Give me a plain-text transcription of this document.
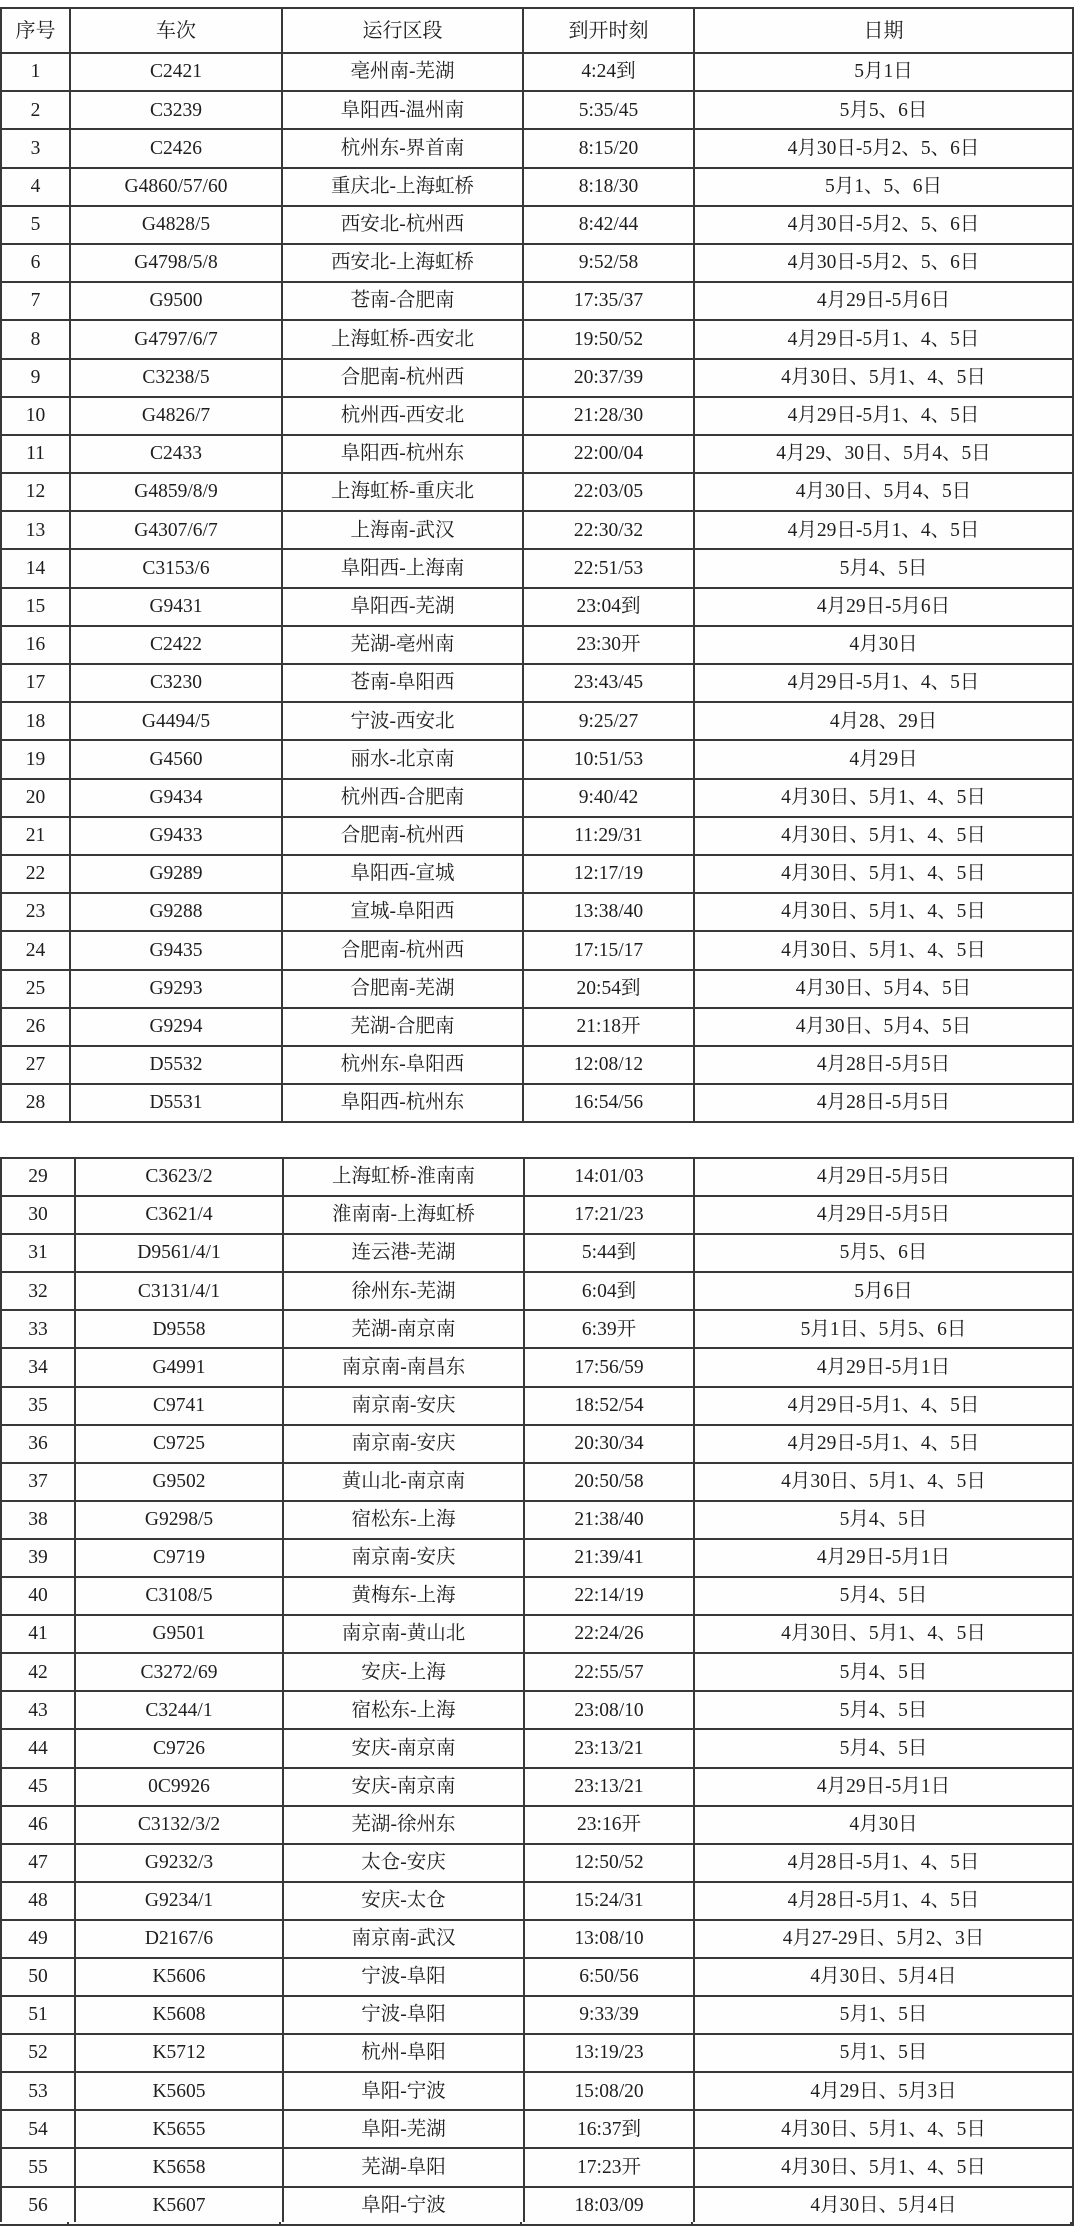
序号	车次	运行区段	到开时刻	日期
1	C2421	亳州南-芜湖	4:24到	5月1日
2	C3239	阜阳西-温州南	5:35/45	5月5、6日
3	C2426	杭州东-界首南	8:15/20	4月30日-5月2、5、6日
4	G4860/57/60	重庆北-上海虹桥	8:18/30	5月1、5、6日
5	G4828/5	西安北-杭州西	8:42/44	4月30日-5月2、5、6日
6	G4798/5/8	西安北-上海虹桥	9:52/58	4月30日-5月2、5、6日
7	G9500	苍南-合肥南	17:35/37	4月29日-5月6日
8	G4797/6/7	上海虹桥-西安北	19:50/52	4月29日-5月1、4、5日
9	C3238/5	合肥南-杭州西	20:37/39	4月30日、5月1、4、5日
10	G4826/7	杭州西-西安北	21:28/30	4月29日-5月1、4、5日
11	C2433	阜阳西-杭州东	22:00/04	4月29、30日、5月4、5日
12	G4859/8/9	上海虹桥-重庆北	22:03/05	4月30日、5月4、5日
13	G4307/6/7	上海南-武汉	22:30/32	4月29日-5月1、4、5日
14	C3153/6	阜阳西-上海南	22:51/53	5月4、5日
15	G9431	阜阳西-芜湖	23:04到	4月29日-5月6日
16	C2422	芜湖-亳州南	23:30开	4月30日
17	C3230	苍南-阜阳西	23:43/45	4月29日-5月1、4、5日
18	G4494/5	宁波-西安北	9:25/27	4月28、29日
19	G4560	丽水-北京南	10:51/53	4月29日
20	G9434	杭州西-合肥南	9:40/42	4月30日、5月1、4、5日
21	G9433	合肥南-杭州西	11:29/31	4月30日、5月1、4、5日
22	G9289	阜阳西-宣城	12:17/19	4月30日、5月1、4、5日
23	G9288	宣城-阜阳西	13:38/40	4月30日、5月1、4、5日
24	G9435	合肥南-杭州西	17:15/17	4月30日、5月1、4、5日
25	G9293	合肥南-芜湖	20:54到	4月30日、5月4、5日
26	G9294	芜湖-合肥南	21:18开	4月30日、5月4、5日
27	D5532	杭州东-阜阳西	12:08/12	4月28日-5月5日
28	D5531	阜阳西-杭州东	16:54/56	4月28日-5月5日
29	C3623/2	上海虹桥-淮南南	14:01/03	4月29日-5月5日
30	C3621/4	淮南南-上海虹桥	17:21/23	4月29日-5月5日
31	D9561/4/1	连云港-芜湖	5:44到	5月5、6日
32	C3131/4/1	徐州东-芜湖	6:04到	5月6日
33	D9558	芜湖-南京南	6:39开	5月1日、5月5、6日
34	G4991	南京南-南昌东	17:56/59	4月29日-5月1日
35	C9741	南京南-安庆	18:52/54	4月29日-5月1、4、5日
36	C9725	南京南-安庆	20:30/34	4月29日-5月1、4、5日
37	G9502	黄山北-南京南	20:50/58	4月30日、5月1、4、5日
38	G9298/5	宿松东-上海	21:38/40	5月4、5日
39	C9719	南京南-安庆	21:39/41	4月29日-5月1日
40	C3108/5	黄梅东-上海	22:14/19	5月4、5日
41	G9501	南京南-黄山北	22:24/26	4月30日、5月1、4、5日
42	C3272/69	安庆-上海	22:55/57	5月4、5日
43	C3244/1	宿松东-上海	23:08/10	5月4、5日
44	C9726	安庆-南京南	23:13/21	5月4、5日
45	0C9926	安庆-南京南	23:13/21	4月29日-5月1日
46	C3132/3/2	芜湖-徐州东	23:16开	4月30日
47	G9232/3	太仓-安庆	12:50/52	4月28日-5月1、4、5日
48	G9234/1	安庆-太仓	15:24/31	4月28日-5月1、4、5日
49	D2167/6	南京南-武汉	13:08/10	4月27-29日、5月2、3日
50	K5606	宁波-阜阳	6:50/56	4月30日、5月4日
51	K5608	宁波-阜阳	9:33/39	5月1、5日
52	K5712	杭州-阜阳	13:19/23	5月1、5日
53	K5605	阜阳-宁波	15:08/20	4月29日、5月3日
54	K5655	阜阳-芜湖	16:37到	4月30日、5月1、4、5日
55	K5658	芜湖-阜阳	17:23开	4月30日、5月1、4、5日
56	K5607	阜阳-宁波	18:03/09	4月30日、5月4日
